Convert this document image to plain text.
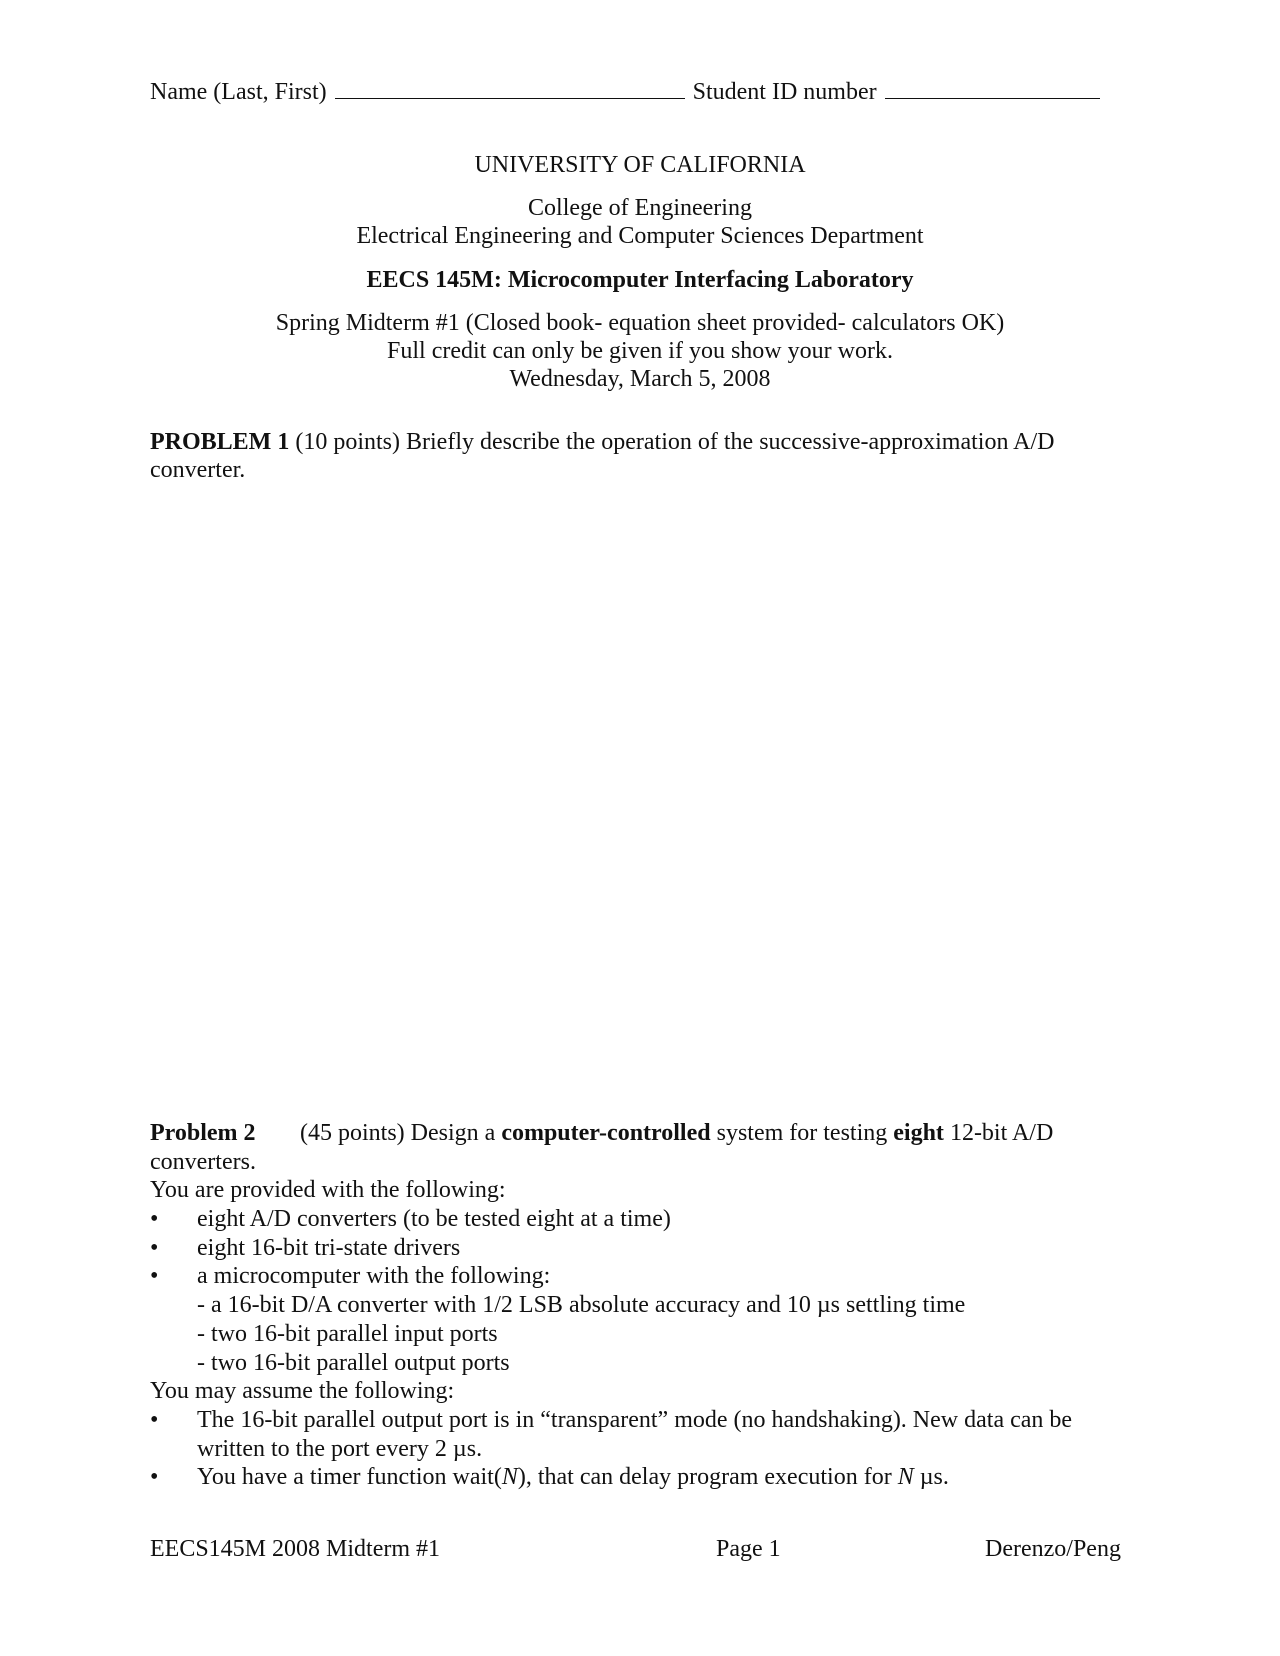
Name (Last, First)	Student ID number
UNIVERSITY OF CALIFORNIA
College of Engineering
Electrical Engineering and Computer Sciences Department
EECS 145M: Microcomputer Interfacing Laboratory
Spring Midterm #1 (Closed book- equation sheet provided- calculators OK)
Full credit can only be given if you show your work.
Wednesday, March 5, 2008
PROBLEM 1 (10 points) Briefly describe the operation of the successive-approximation A/D converter.
Problem 2 (45 points) Design a computer-controlled system for testing eight 12-bit A/D
converters.
You are provided with the following:
• eight A/D converters (to be tested eight at a time)
• eight 16-bit tri-state drivers
• a microcomputer with the following:
- a 16-bit D/A converter with 1/2 LSB absolute accuracy and 10 µs settling time
- two 16-bit parallel input ports
- two 16-bit parallel output ports
You may assume the following:
• The 16-bit parallel output port is in “transparent” mode (no handshaking). New data can be
written to the port every 2 µs.
• You have a timer function wait(N), that can delay program execution for N µs.
EECS145M 2008 Midterm #1	Page 1	Derenzo/Peng
